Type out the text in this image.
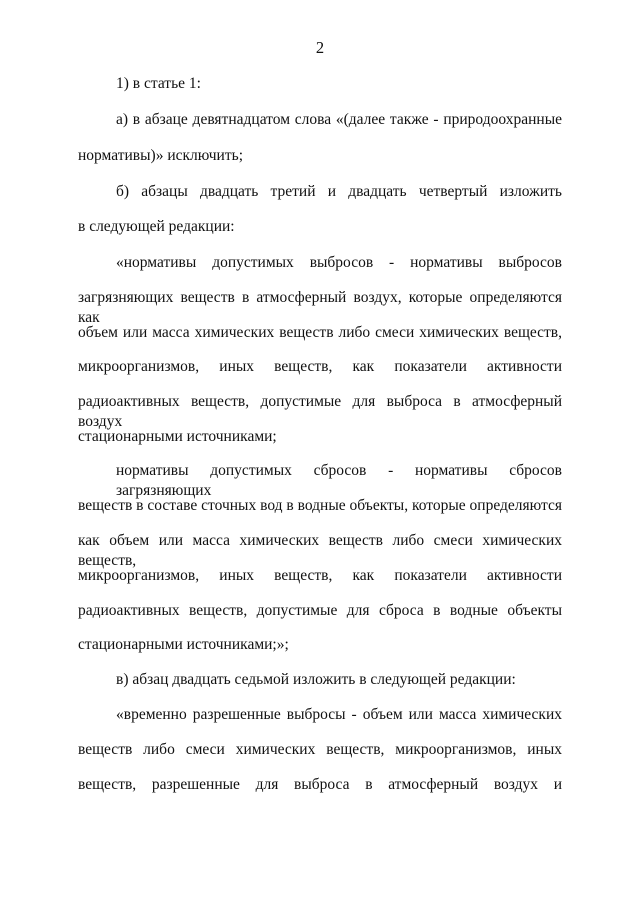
2
1) в статье 1:
а) в абзаце девятнадцатом слова «(далее также - природоохранные
нормативы)» исключить;
б) абзацы двадцать третий и двадцать четвертый изложить
в следующей редакции:
«нормативы допустимых выбросов - нормативы выбросов
загрязняющих веществ в атмосферный воздух, которые определяются как
объем или масса химических веществ либо смеси химических веществ,
микроорганизмов, иных веществ, как показатели активности
радиоактивных веществ, допустимые для выброса в атмосферный воздух
стационарными источниками;
нормативы допустимых сбросов - нормативы сбросов загрязняющих
веществ в составе сточных вод в водные объекты, которые определяются
как объем или масса химических веществ либо смеси химических веществ,
микроорганизмов, иных веществ, как показатели активности
радиоактивных веществ, допустимые для сброса в водные объекты
стационарными источниками;»;
в) абзац двадцать седьмой изложить в следующей редакции:
«временно разрешенные выбросы - объем или масса химических
веществ либо смеси химических веществ, микроорганизмов, иных
веществ, разрешенные для выброса в атмосферный воздух и
